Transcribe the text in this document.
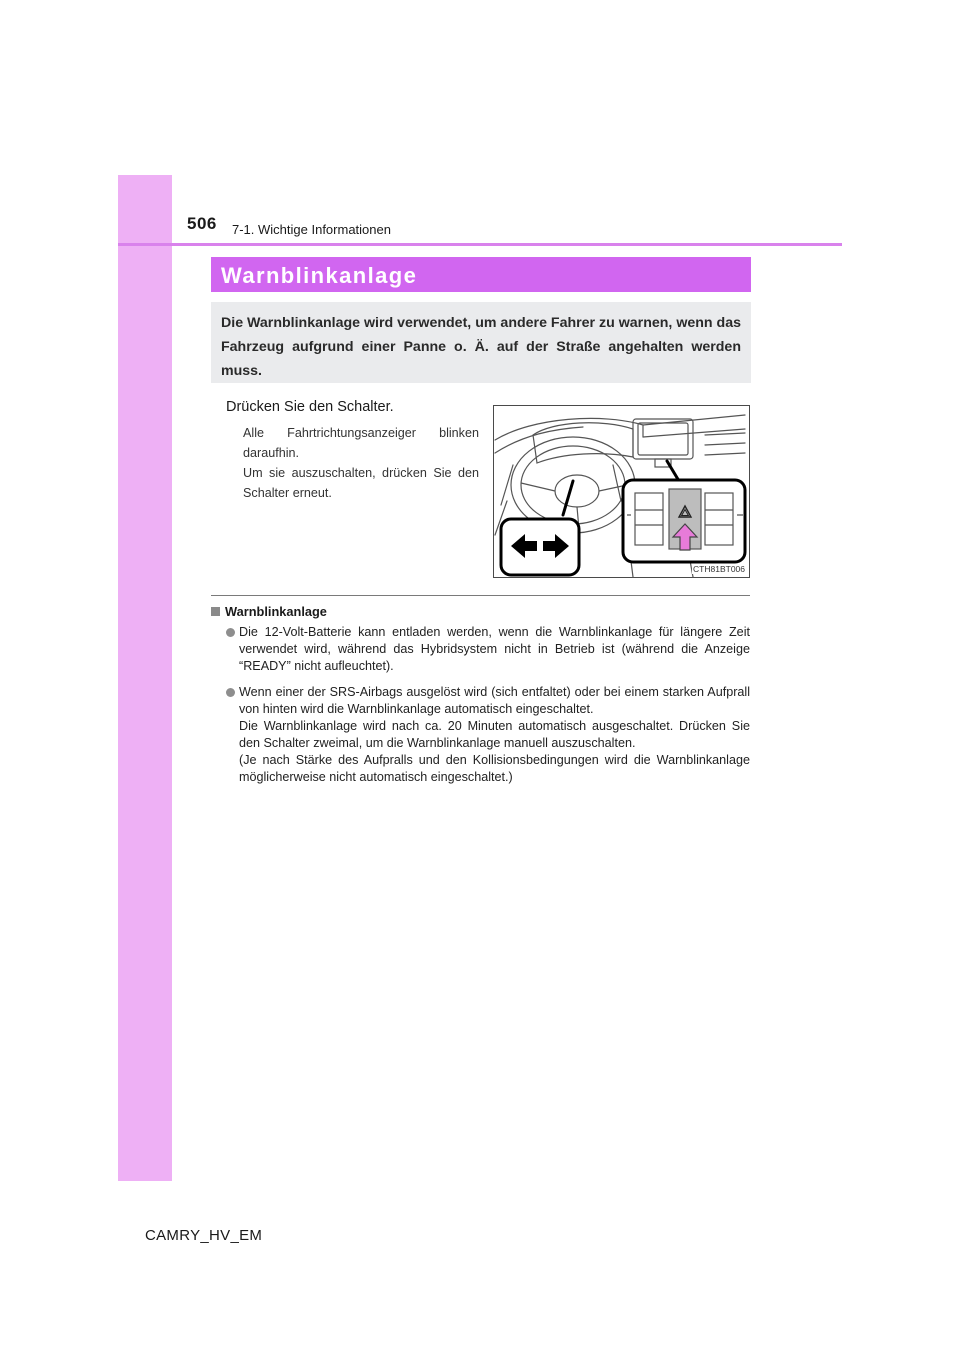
506 7-1. Wichtige Informationen
Warnblinkanlage
Die Warnblinkanlage wird verwendet, um andere Fahrer zu warnen, wenn das Fahrzeug aufgrund einer Panne o. Ä. auf der Straße angehalten werden muss.
Drücken Sie den Schalter.
Alle Fahrtrichtungsanzeiger blinken daraufhin.
Um sie auszuschalten, drücken Sie den Schalter erneut.
CTH81BT006
Warnblinkanlage
Die 12-Volt-Batterie kann entladen werden, wenn die Warnblinkanlage für längere Zeit verwendet wird, während das Hybridsystem nicht in Betrieb ist (während die Anzeige “READY” nicht aufleuchtet).
Wenn einer der SRS-Airbags ausgelöst wird (sich entfaltet) oder bei einem starken Aufprall von hinten wird die Warnblinkanlage automatisch eingeschaltet.
Die Warnblinkanlage wird nach ca. 20 Minuten automatisch ausgeschaltet. Drücken Sie den Schalter zweimal, um die Warnblinkanlage manuell auszuschalten.
(Je nach Stärke des Aufpralls und den Kollisionsbedingungen wird die Warnblinkanlage möglicherweise nicht automatisch eingeschaltet.)
CAMRY_HV_EM
